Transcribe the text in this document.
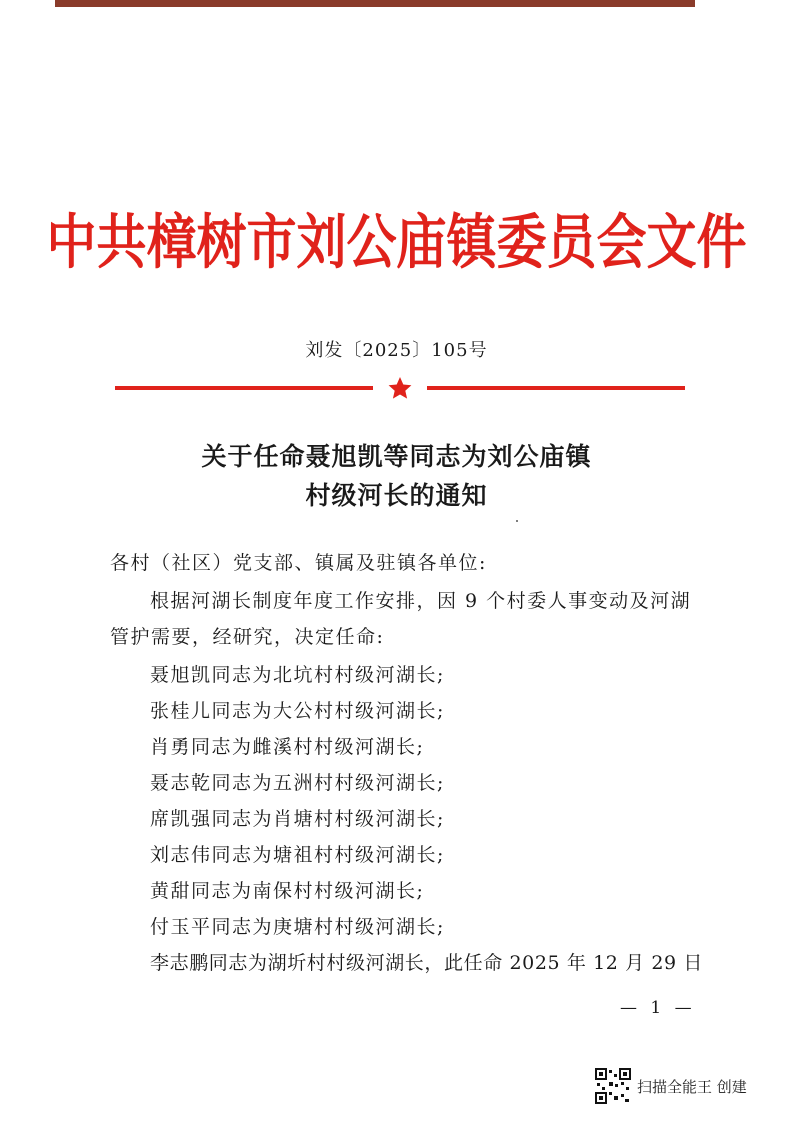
中共樟树市刘公庙镇委员会文件
刘发〔2025〕105号
关于任命聂旭凯等同志为刘公庙镇
村级河长的通知
各村（社区）党支部、镇属及驻镇各单位:
根据河湖长制度年度工作安排，因 9 个村委人事变动及河湖
管护需要，经研究，决定任命:
聂旭凯同志为北坑村村级河湖长;
张桂儿同志为大公村村级河湖长;
肖勇同志为雌溪村村级河湖长;
聂志乾同志为五洲村村级河湖长;
席凯强同志为肖塘村村级河湖长;
刘志伟同志为塘祖村村级河湖长;
黄甜同志为南保村村级河湖长;
付玉平同志为庚塘村村级河湖长;
李志鹏同志为湖圻村村级河湖长，此任命 2025 年 12 月 29 日
— 1 —
扫描全能王 创建
